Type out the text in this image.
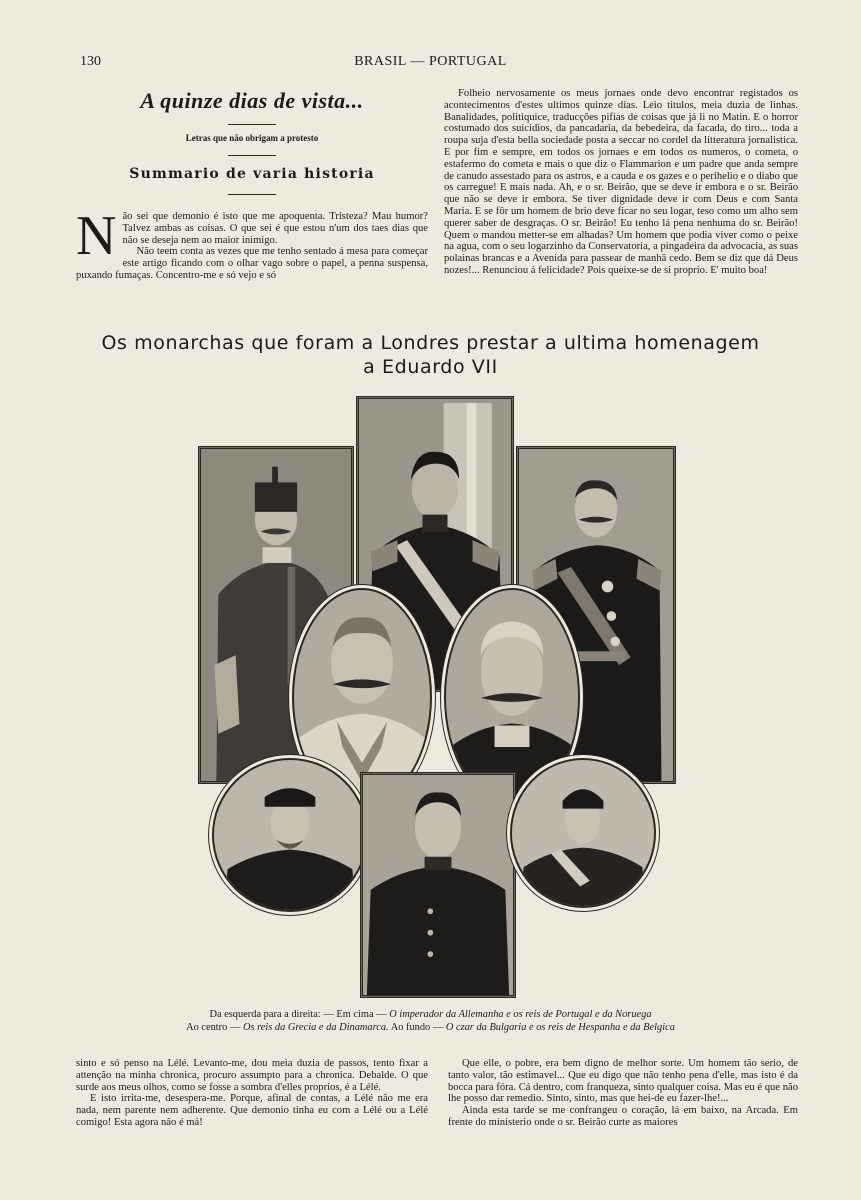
130	BRASIL — PORTUGAL
A quinze dias de vista...

Letras que não obrigam a protesto

Summario de varia historia

Não sei que demonio é isto que me apoquenta. Tristeza? Mau humor? Talvez ambas as coisas. O que sei é que estou n'um dos taes dias que não se deseja nem ao maior inimigo.

Não teem conta as vezes que me tenho sentado á mesa para começar este artigo ficando com o olhar vago sobre o papel, a penna suspensa, puxando fumaças. Concentro-me e só vejo e só

Folheio nervosamente os meus jornaes onde devo encontrar registados os acontecimentos d'estes ultimos quinze dias. Leio titulos, meia duzia de linhas. Banalidades, politiquice, traducções pifias de coisas que já li no Matin. E o horror costumado dos suicidios, da pancadaria, da bebedeira, da facada, do tiro... toda a roupa suja d'esta bella sociedade posta a seccar no cordel da litteratura jornalistica. E por fim e sempre, em todos os jornaes e em todos os numeros, o cometa, o estafermo do cometa e mais o que diz o Flammarion e um padre que anda sempre de canudo assestado para os astros, e a cauda e os gazes e o perihelio e o diabo que os carregue! E mais nada. Ah, e o sr. Beirão, que se deve ir embora e o sr. Beirão que não se deve ir embora. Se tiver dignidade deve ir com Deus e com Santa Maria. E se fôr um homem de brio deve ficar no seu logar, teso como um alho sem querer saber de desgraças. O sr. Beirão! Eu tenho lá pena nenhuma do sr. Beirão! Quem o mandou metter-se em alhadas? Um homem que podia viver como o peixe na agua, com o seu logarzinho da Conservatoria, a pingadeira da advocacia, as suas polainas brancas e a Avenida para passear de manhã cedo. Bem se diz que dá Deus nozes!... Renunciou á felicidade? Pois queixe-se de si proprio. E' muito boa!

Os monarchas que foram a Londres prestar a ultima homenagem
a Eduardo VII
Da esquerda para a direita: — Em cima — O imperador da Allemanha e os reis de Portugal e da Noruega
Ao centro — Os reis da Grecia e da Dinamarca. Ao fundo — O czar da Bulgaria e os reis de Hespanha e da Belgica

sinto e só penso na Lélé. Levanto-me, dou meia duzia de passos, tento fixar a attenção na minha chronica, procuro assumpto para a chronica. Debalde. O que surde aos meus olhos, como se fosse a sombra d'elles proprios, é a Lélé.

E isto irrita-me, desespera-me. Porque, afinal de contas, a Lélé não me era nada, nem parente nem adherente. Que demonio tinha eu com a Lélé ou a Lélé comigo! Esta agora não é má!

Que elle, o pobre, era bem digno de melhor sorte. Um homem tão serio, de tanto valor, tão estimavel... Que eu digo que não tenho pena d'elle, mas isto é da bocca para fóra. Cá dentro, com franqueza, sinto qualquer coisa. Mas eu é que não lhe posso dar remedio. Sinto, sinto, mas que hei-de eu fazer-lhe!...

Ainda esta tarde se me confrangeu o coração, lá em baixo, na Arcada. Em frente do ministerio onde o sr. Beirão curte as maiores
